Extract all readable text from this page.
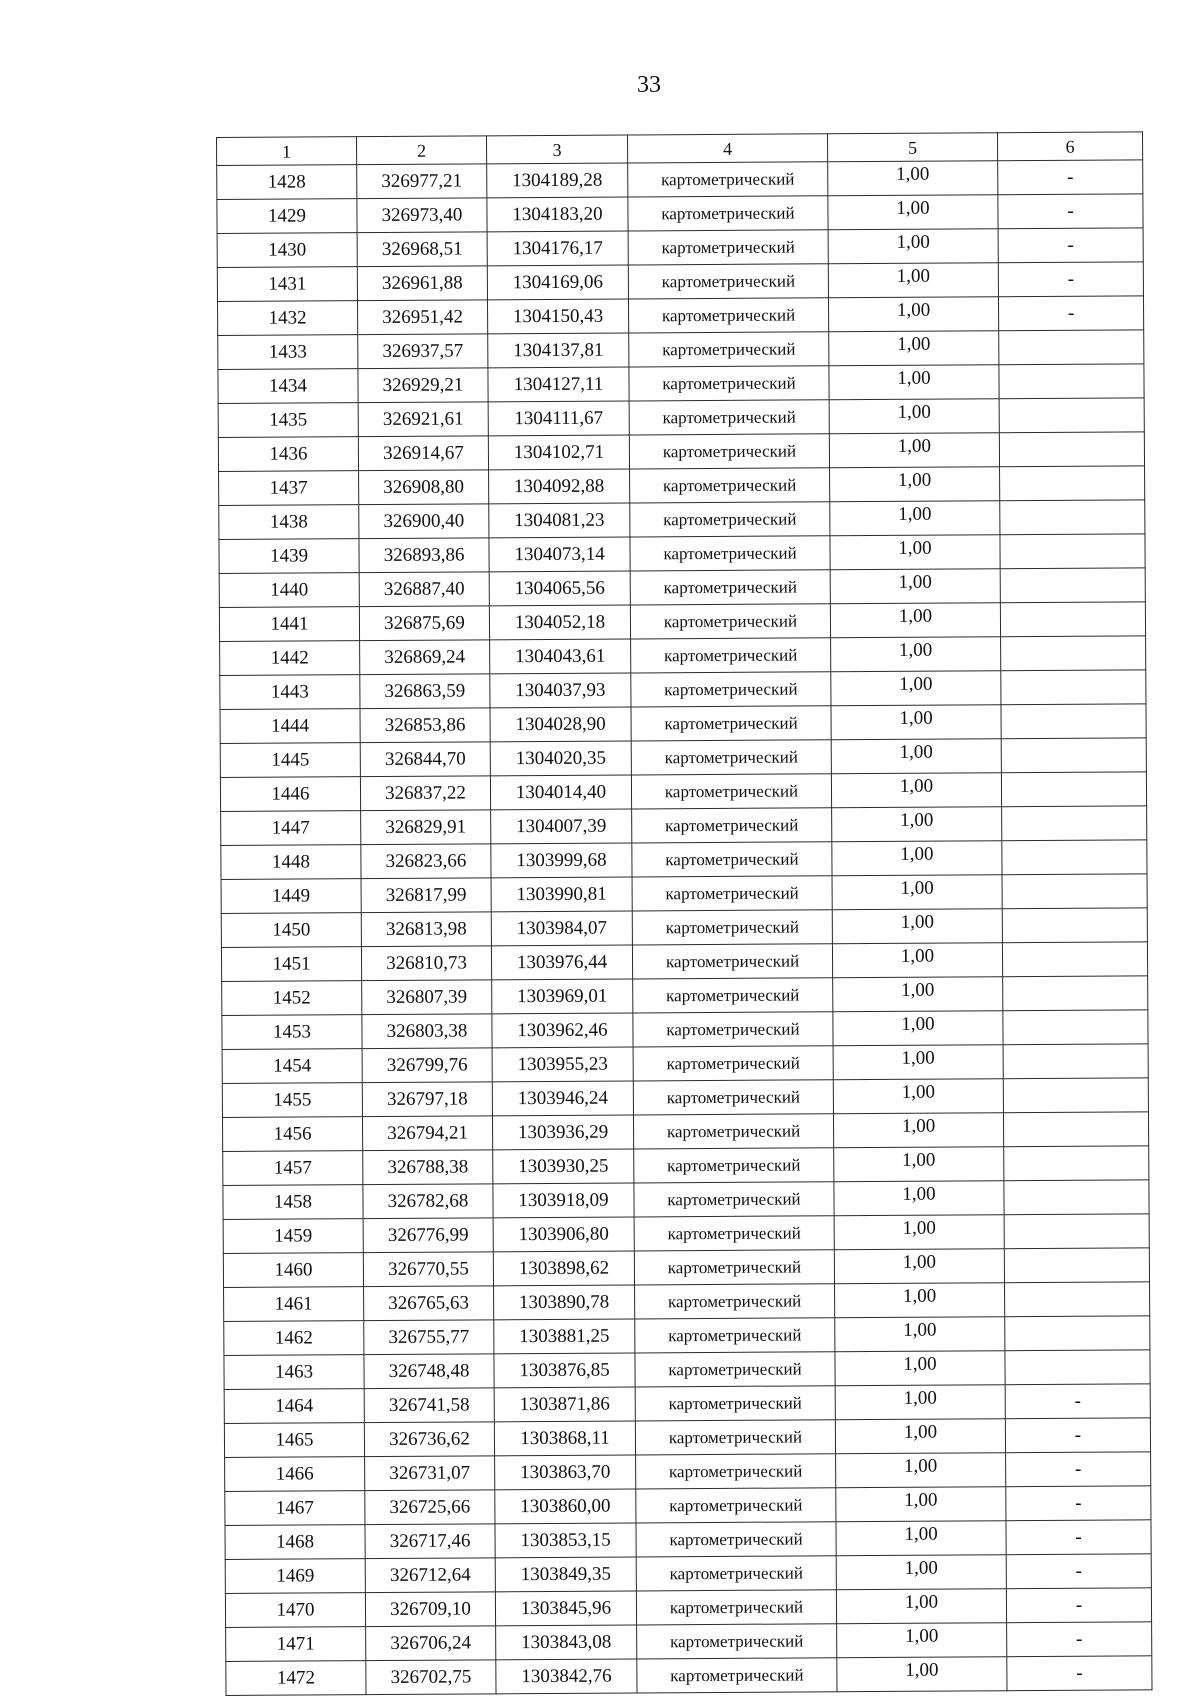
33
1	2	3	4	5	6
1428	326977,21	1304189,28	картометрический	1,00	-
1429	326973,40	1304183,20	картометрический	1,00	-
1430	326968,51	1304176,17	картометрический	1,00	-
1431	326961,88	1304169,06	картометрический	1,00	-
1432	326951,42	1304150,43	картометрический	1,00	-
1433	326937,57	1304137,81	картометрический	1,00	
1434	326929,21	1304127,11	картометрический	1,00	
1435	326921,61	1304111,67	картометрический	1,00	
1436	326914,67	1304102,71	картометрический	1,00	
1437	326908,80	1304092,88	картометрический	1,00	
1438	326900,40	1304081,23	картометрический	1,00	
1439	326893,86	1304073,14	картометрический	1,00	
1440	326887,40	1304065,56	картометрический	1,00	
1441	326875,69	1304052,18	картометрический	1,00	
1442	326869,24	1304043,61	картометрический	1,00	
1443	326863,59	1304037,93	картометрический	1,00	
1444	326853,86	1304028,90	картометрический	1,00	
1445	326844,70	1304020,35	картометрический	1,00	
1446	326837,22	1304014,40	картометрический	1,00	
1447	326829,91	1304007,39	картометрический	1,00	
1448	326823,66	1303999,68	картометрический	1,00	
1449	326817,99	1303990,81	картометрический	1,00	
1450	326813,98	1303984,07	картометрический	1,00	
1451	326810,73	1303976,44	картометрический	1,00	
1452	326807,39	1303969,01	картометрический	1,00	
1453	326803,38	1303962,46	картометрический	1,00	
1454	326799,76	1303955,23	картометрический	1,00	
1455	326797,18	1303946,24	картометрический	1,00	
1456	326794,21	1303936,29	картометрический	1,00	
1457	326788,38	1303930,25	картометрический	1,00	
1458	326782,68	1303918,09	картометрический	1,00	
1459	326776,99	1303906,80	картометрический	1,00	
1460	326770,55	1303898,62	картометрический	1,00	
1461	326765,63	1303890,78	картометрический	1,00	
1462	326755,77	1303881,25	картометрический	1,00	
1463	326748,48	1303876,85	картометрический	1,00	
1464	326741,58	1303871,86	картометрический	1,00	-
1465	326736,62	1303868,11	картометрический	1,00	-
1466	326731,07	1303863,70	картометрический	1,00	-
1467	326725,66	1303860,00	картометрический	1,00	-
1468	326717,46	1303853,15	картометрический	1,00	-
1469	326712,64	1303849,35	картометрический	1,00	-
1470	326709,10	1303845,96	картометрический	1,00	-
1471	326706,24	1303843,08	картометрический	1,00	-
1472	326702,75	1303842,76	картометрический	1,00	-
